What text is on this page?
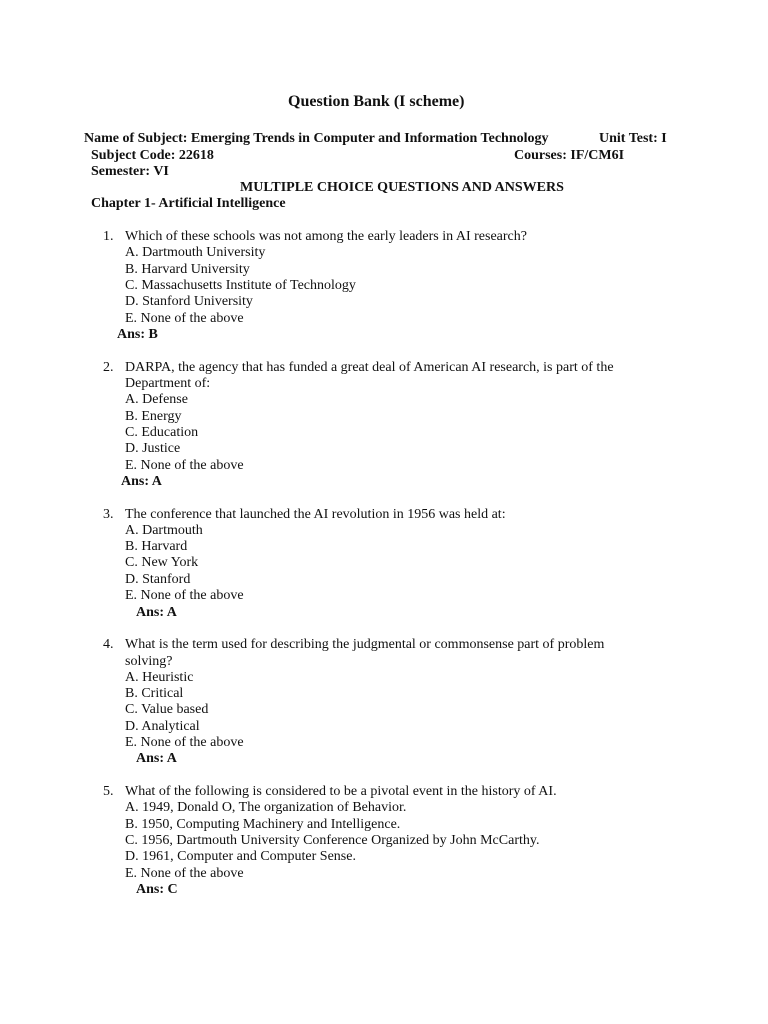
Question Bank (I scheme)
Name of Subject: Emerging Trends in Computer and Information Technology	Unit Test: I
Subject Code: 22618	Courses: IF/CM6I
Semester: VI
MULTIPLE CHOICE QUESTIONS AND ANSWERS
Chapter 1- Artificial Intelligence
1. Which of these schools was not among the early leaders in AI research?
A. Dartmouth University
B. Harvard University
C. Massachusetts Institute of Technology
D. Stanford University
E. None of the above
Ans: B
2. DARPA, the agency that has funded a great deal of American AI research, is part of the
Department of:
A. Defense
B. Energy
C. Education
D. Justice
E. None of the above
Ans: A
3. The conference that launched the AI revolution in 1956 was held at:
A. Dartmouth
B. Harvard
C. New York
D. Stanford
E. None of the above
Ans: A
4. What is the term used for describing the judgmental or commonsense part of problem
solving?
A. Heuristic
B. Critical
C. Value based
D. Analytical
E. None of the above
Ans: A
5. What of the following is considered to be a pivotal event in the history of AI.
A. 1949, Donald O, The organization of Behavior.
B. 1950, Computing Machinery and Intelligence.
C. 1956, Dartmouth University Conference Organized by John McCarthy.
D. 1961, Computer and Computer Sense.
E. None of the above
Ans: C
